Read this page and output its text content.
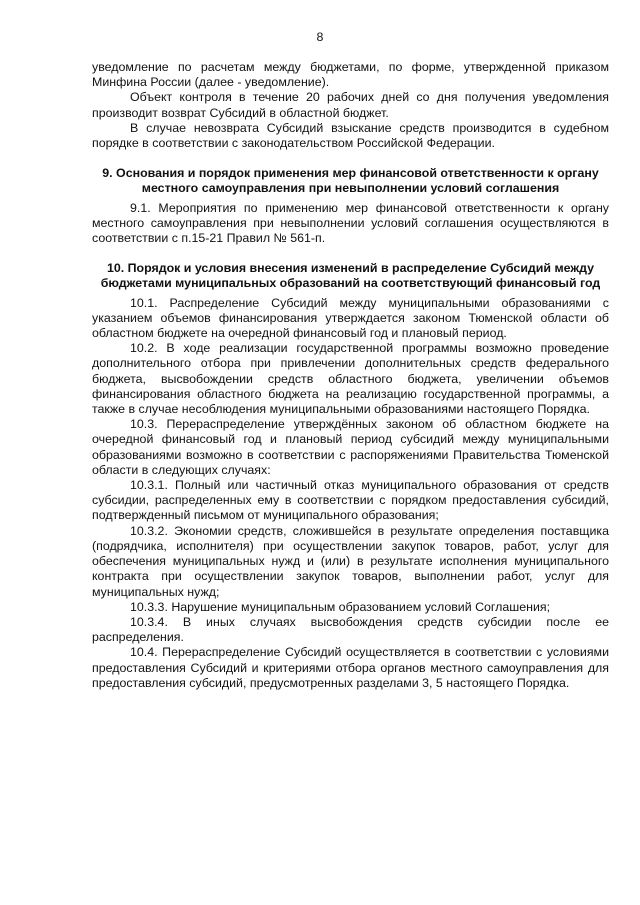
8

уведомление по расчетам между бюджетами, по форме, утвержденной приказом Минфина России (далее - уведомление).

Объект контроля в течение 20 рабочих дней со дня получения уведомления производит возврат Субсидий в областной бюджет.

В случае невозврата Субсидий взыскание средств производится в судебном порядке в соответствии с законодательством Российской Федерации.

9. Основания и порядок применения мер финансовой ответственности к органу местного самоуправления при невыполнении условий соглашения

9.1. Мероприятия по применению мер финансовой ответственности к органу местного самоуправления при невыполнении условий соглашения осуществляются в соответствии с п.15-21 Правил № 561-п.

10. Порядок и условия внесения изменений в распределение Субсидий между бюджетами муниципальных образований на соответствующий финансовый год

10.1. Распределение Субсидий между муниципальными образованиями с указанием объемов финансирования утверждается законом Тюменской области об областном бюджете на очередной финансовый год и плановый период.

10.2. В ходе реализации государственной программы возможно проведение дополнительного отбора при привлечении дополнительных средств федерального бюджета, высвобождении средств областного бюджета, увеличении объемов финансирования областного бюджета на реализацию государственной программы, а также в случае несоблюдения муниципальными образованиями настоящего Порядка.

10.3. Перераспределение утверждённых законом об областном бюджете на очередной финансовый год и плановый период субсидий между муниципальными образованиями возможно в соответствии с распоряжениями Правительства Тюменской области в следующих случаях:

10.3.1. Полный или частичный отказ муниципального образования от средств субсидии, распределенных ему в соответствии с порядком предоставления субсидий, подтвержденный письмом от муниципального образования;

10.3.2. Экономии средств, сложившейся в результате определения поставщика (подрядчика, исполнителя) при осуществлении закупок товаров, работ, услуг для обеспечения муниципальных нужд и (или) в результате исполнения муниципального контракта при осуществлении закупок товаров, выполнении работ, услуг для муниципальных нужд;

10.3.3. Нарушение муниципальным образованием условий Соглашения;

10.3.4. В иных случаях высвобождения средств субсидии после ее распределения.

10.4. Перераспределение Субсидий осуществляется в соответствии с условиями предоставления Субсидий и критериями отбора органов местного самоуправления для предоставления субсидий, предусмотренных разделами 3, 5 настоящего Порядка.
